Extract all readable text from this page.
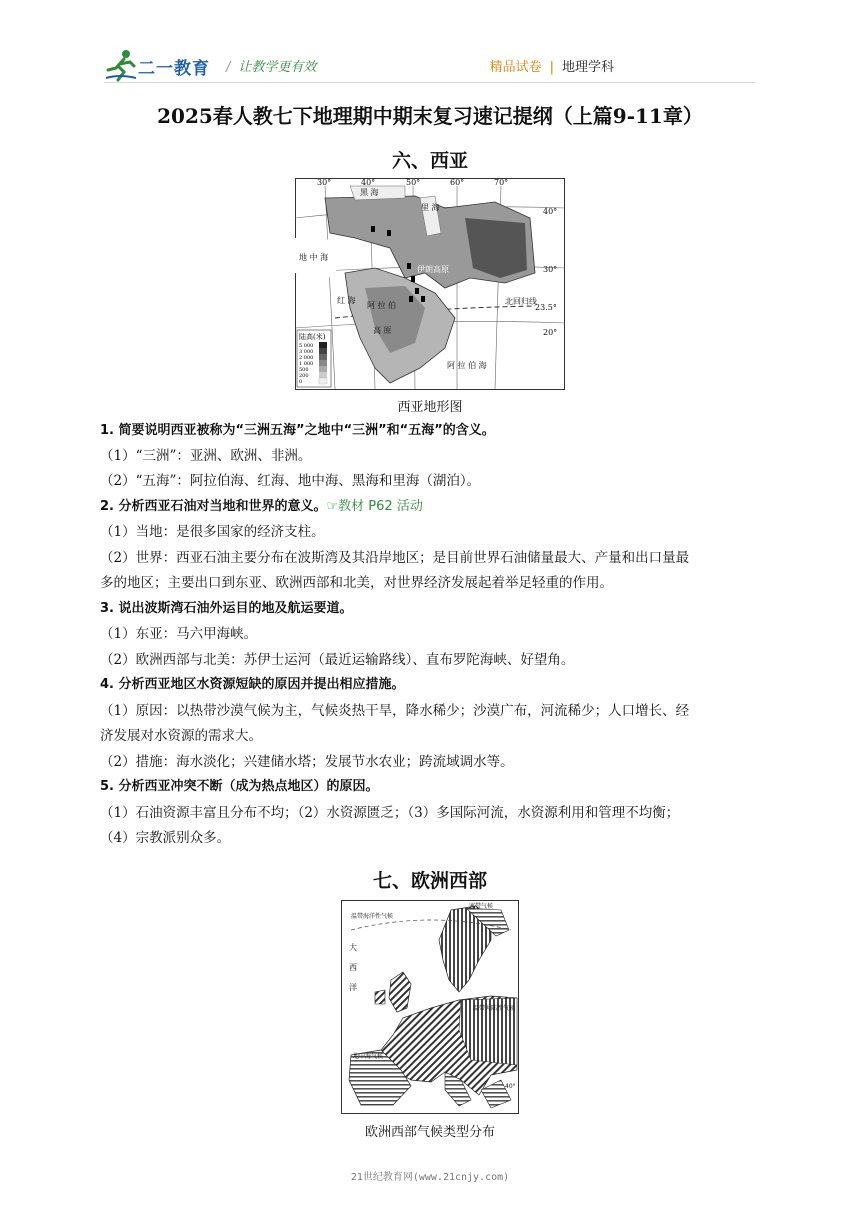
二一教育 / 让教学更有效	精品试卷 | 地理学科
2025春人教七下地理期中期末复习速记提纲（上篇9-11章）
六、西亚
30°	40°	50°	60°	70°
40°
30°
23.5°
20°
黑 海
里 海
地 中 海
伊朗高原
阿 拉 伯 海
红 海
阿 拉 伯
高 原
北回归线
陆高(米)
5 000
3 000
2 000
1 000
500
200
0
西亚地形图
1. 简要说明西亚被称为“三洲五海”之地中“三洲”和“五海”的含义。
（1）“三洲”：亚洲、欧洲、非洲。
（2）“五海”：阿拉伯海、红海、地中海、黑海和里海（湖泊）。
2. 分析西亚石油对当地和世界的意义。☞教材 P62 活动
（1）当地：是很多国家的经济支柱。
（2）世界：西亚石油主要分布在波斯湾及其沿岸地区；是目前世界石油储量最大、产量和出口量最
多的地区；主要出口到东亚、欧洲西部和北美，对世界经济发展起着举足轻重的作用。
3. 说出波斯湾石油外运目的地及航运要道。
（1）东亚：马六甲海峡。
（2）欧洲西部与北美：苏伊士运河（最近运输路线）、直布罗陀海峡、好望角。
4. 分析西亚地区水资源短缺的原因并提出相应措施。
（1）原因：以热带沙漠气候为主，气候炎热干旱，降水稀少；沙漠广布，河流稀少；人口增长、经
济发展对水资源的需求大。
（2）措施：海水淡化；兴建储水塔；发展节水农业；跨流域调水等。
5. 分析西亚冲突不断（成为热点地区）的原因。
（1）石油资源丰富且分布不均；（2）水资源匮乏；（3）多国际河流，水资源利用和管理不均衡；
（4）宗教派别众多。
七、欧洲西部
寒带气候
温带海洋性气候
温带大陆性气候
地中海气候
40°
大
西
洋
欧洲西部气候类型分布
21世纪教育网(www.21cnjy.com)
